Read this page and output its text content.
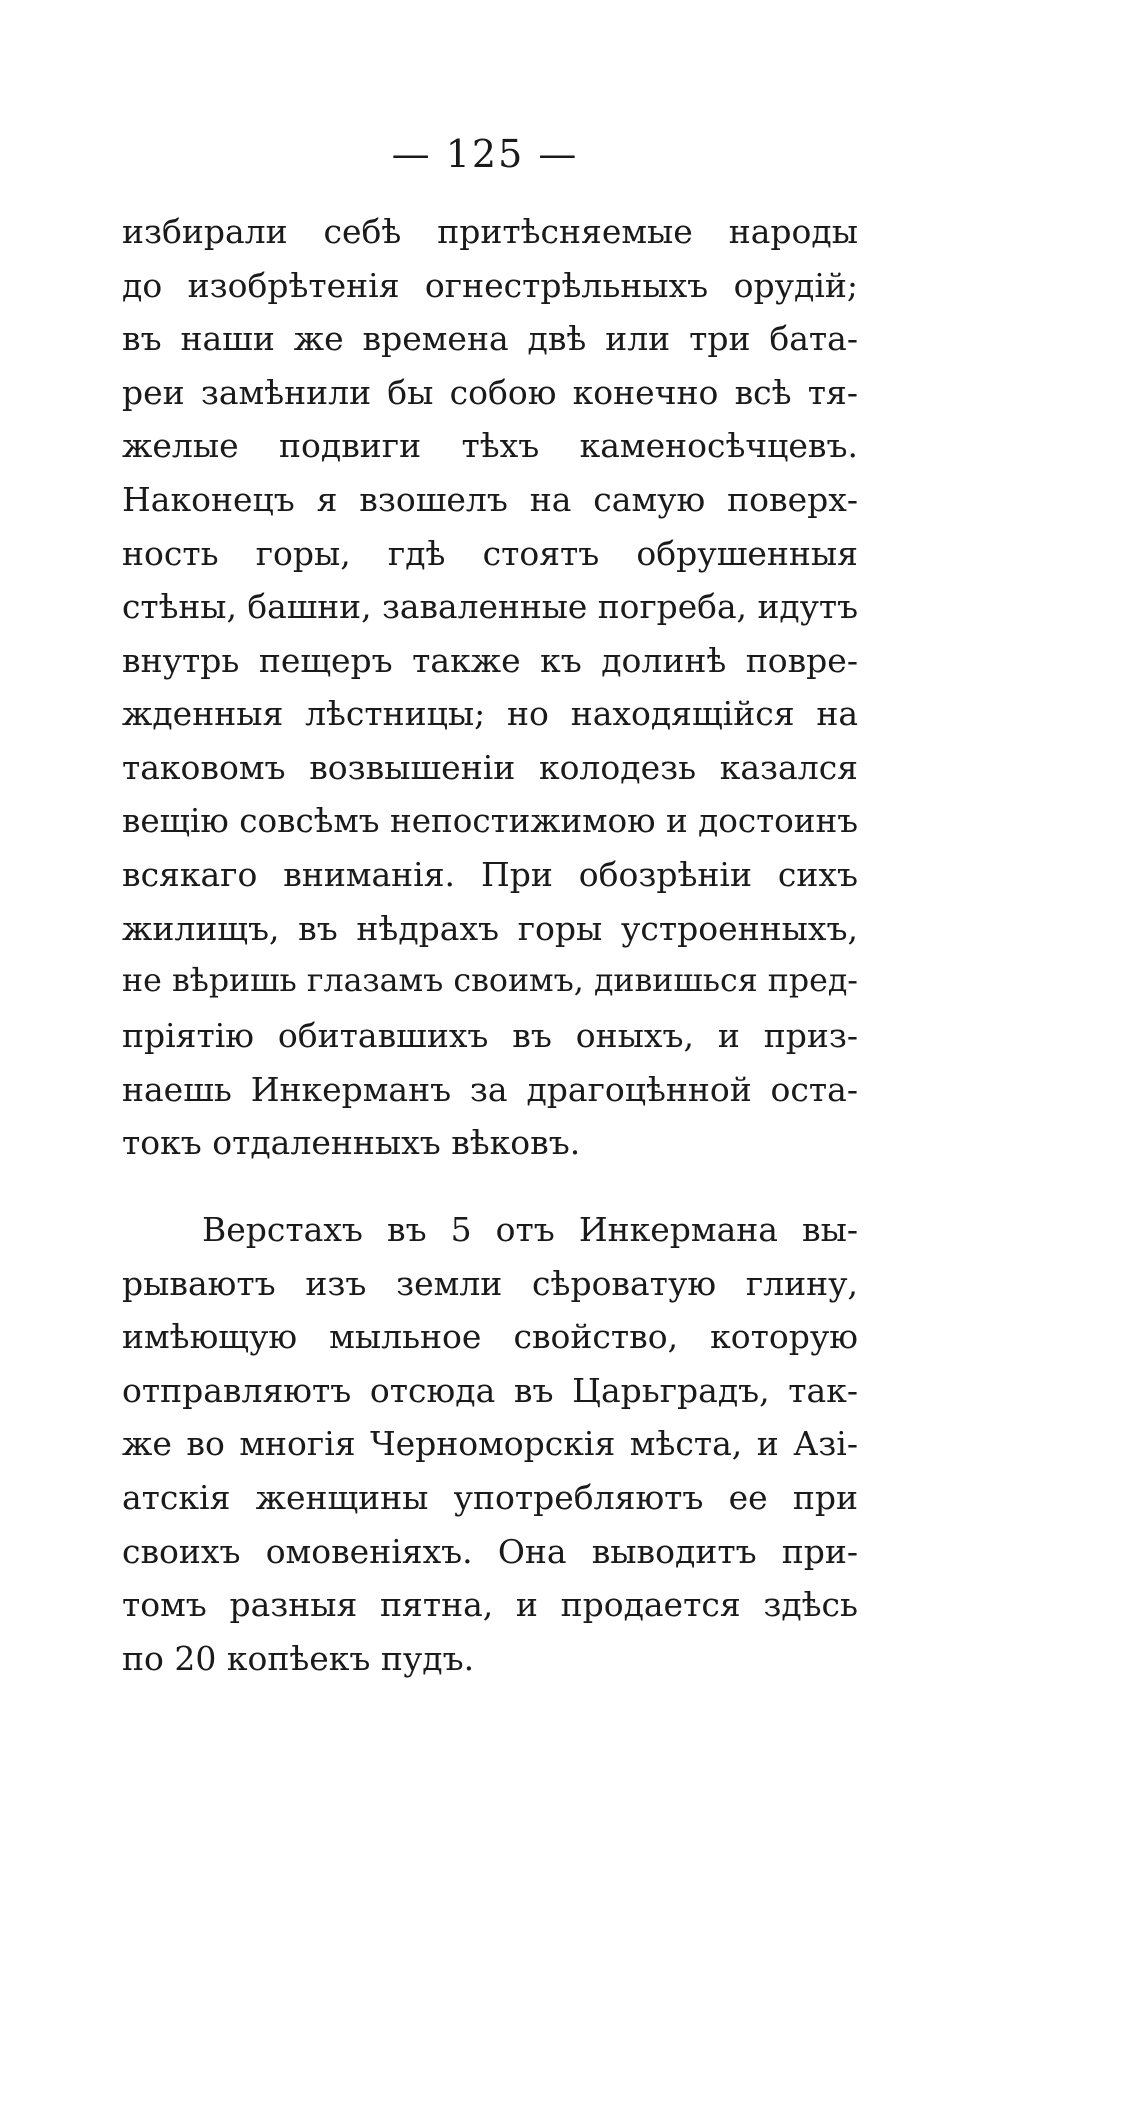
— 125 —
избирали себѣ притѣсняемые народы
до изобрѣтенія огнестрѣльныхъ орудій;
въ наши же времена двѣ или три бата-
реи замѣнили бы собою конечно всѣ тя-
желые подвиги тѣхъ каменосѣчцевъ.
Наконецъ я взошелъ на самую поверх-
ность горы, гдѣ стоятъ обрушенныя
стѣны, башни, заваленные погреба, идутъ
внутрь пещеръ также къ долинѣ повре-
жденныя лѣстницы; но находящійся на
таковомъ возвышеніи колодезь казался
вещію совсѣмъ непостижимою и достоинъ
всякаго вниманія. При обозрѣніи сихъ
жилищъ, въ нѣдрахъ горы устроенныхъ,
не вѣришь глазамъ своимъ, дивишься пред-
пріятію обитавшихъ въ оныхъ, и приз-
наешь Инкерманъ за драгоцѣнной оста-
токъ отдаленныхъ вѣковъ.
Верстахъ въ 5 отъ Инкермана вы-
рываютъ изъ земли сѣроватую глину,
имѣющую мыльное свойство, которую
отправляютъ отсюда въ Царьградъ, так-
же во многія Черноморскія мѣста, и Азі-
атскія женщины употребляютъ ее при
своихъ омовеніяхъ. Она выводитъ при-
томъ разныя пятна, и продается здѣсь
по 20 копѣекъ пудъ.
